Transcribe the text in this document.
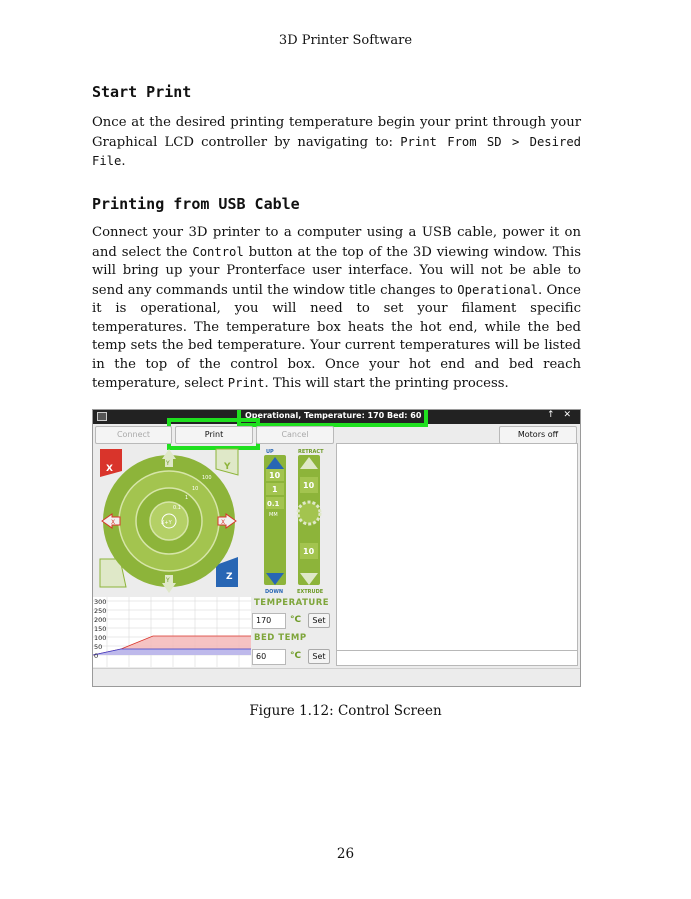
3D Printer Software
Start Print

Once at the desired printing temperature begin your print through your Graphical LCD controller by navigating to: Print From SD > Desired File.

Printing from USB Cable

Connect your 3D printer to a computer using a USB cable, power it on and select the Control button at the top of the 3D viewing window. This will bring up your Pronterface user interface. You will not be able to send any commands until the window title changes to Operational. Once it is operational, you will need to set your filament specific temperatures. The temperature box heats the hot end, while the bed temp sets the bed temperature. Your current temperatures will be listed in the top of the control box. Once your hot end and bed reach temperature, select Print. This will start the printing process.

Operational, Temperature: 170 Bed: 60	↑ ✕
Connect	Print	Cancel	Motors off
X	Y
Z
X+Y
Y
Y
X	X
100
10
1
0.1
UP	RETRACT
10
1
0.1
MM
10
10
DOWN	EXTRUDE
300
250
200
150
100
50
0
TEMPERATURE
170	°C	Set
BED TEMP
60	°C	Set
Figure 1.12: Control Screen
26
